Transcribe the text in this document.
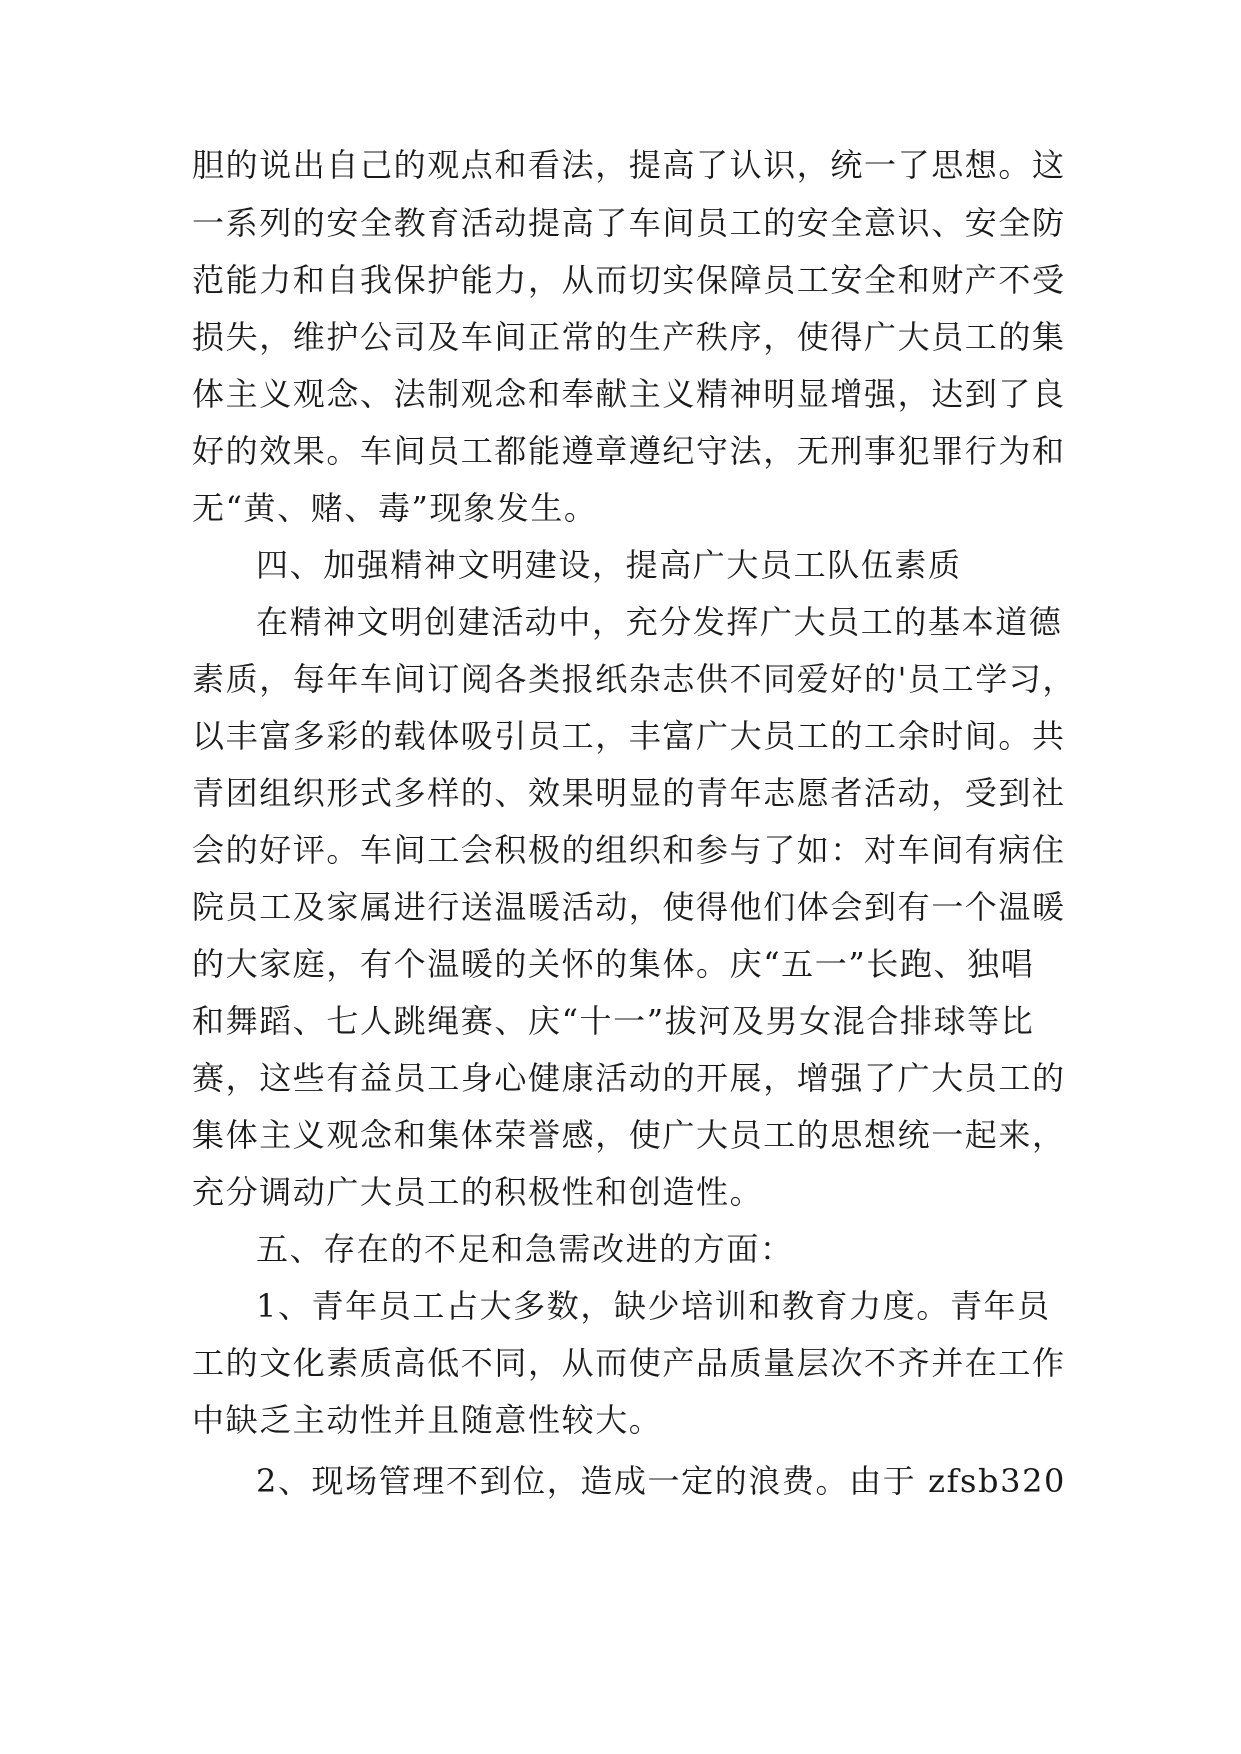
胆的说出自己的观点和看法，提高了认识，统一了思想。这
一系列的安全教育活动提高了车间员工的安全意识、安全防
范能力和自我保护能力，从而切实保障员工安全和财产不受
损失，维护公司及车间正常的生产秩序，使得广大员工的集
体主义观念、法制观念和奉献主义精神明显增强，达到了良
好的效果。车间员工都能遵章遵纪守法，无刑事犯罪行为和
无“黄、赌、毒”现象发生。
四、加强精神文明建设，提高广大员工队伍素质
在精神文明创建活动中，充分发挥广大员工的基本道德
素质，每年车间订阅各类报纸杂志供不同爱好的'员工学习，
以丰富多彩的载体吸引员工，丰富广大员工的工余时间。共
青团组织形式多样的、效果明显的青年志愿者活动，受到社
会的好评。车间工会积极的组织和参与了如：对车间有病住
院员工及家属进行送温暖活动，使得他们体会到有一个温暖
的大家庭，有个温暖的关怀的集体。庆“五一”长跑、独唱
和舞蹈、七人跳绳赛、庆“十一”拔河及男女混合排球等比
赛，这些有益员工身心健康活动的开展，增强了广大员工的
集体主义观念和集体荣誉感，使广大员工的思想统一起来，
充分调动广大员工的积极性和创造性。
五、存在的不足和急需改进的方面：
1、青年员工占大多数，缺少培训和教育力度。青年员
工的文化素质高低不同，从而使产品质量层次不齐并在工作
中缺乏主动性并且随意性较大。
2、现场管理不到位，造成一定的浪费。由于 zfsb320
